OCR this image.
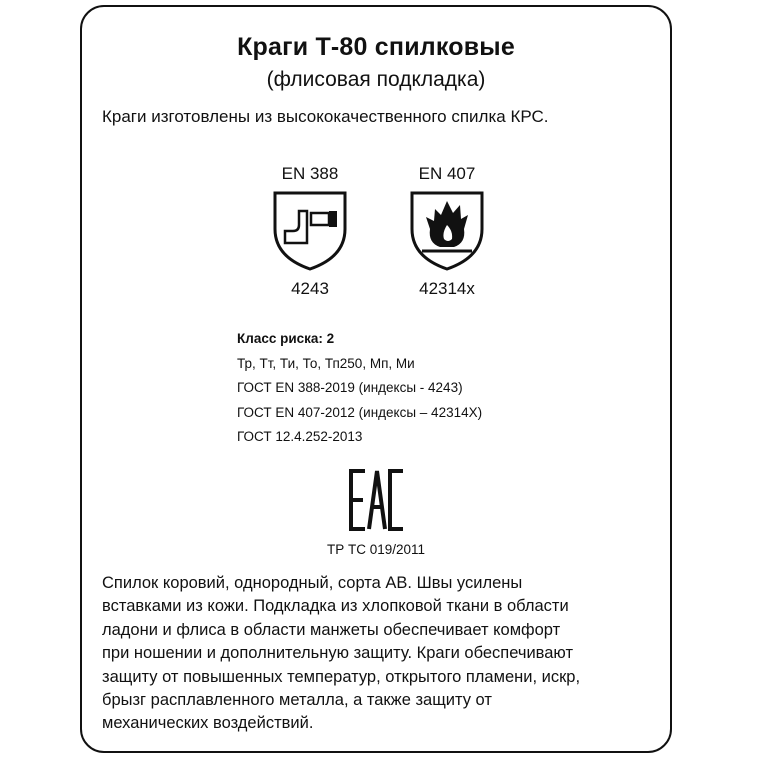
Краги Т-80 спилковые
(флисовая подкладка)
Краги изготовлены из высококачественного спилка КРС.
EN 388
4243
EN 407
42314x
Класс риска: 2
Тр, Тт, Ти, То, Тп250, Мп, Ми
ГОСТ EN 388-2019 (индексы - 4243)
ГОСТ EN 407-2012 (индексы – 42314Х)
ГОСТ 12.4.252-2013
ТР ТС 019/2011
Спилок коровий, однородный, сорта АВ. Швы усилены
вставками из кожи. Подкладка из хлопковой ткани в области
ладони и флиса в области манжеты обеспечивает комфорт
при ношении и дополнительную защиту. Краги обеспечивают
защиту от повышенных температур, открытого пламени, искр,
брызг расплавленного металла, а также защиту от
механических воздействий.
